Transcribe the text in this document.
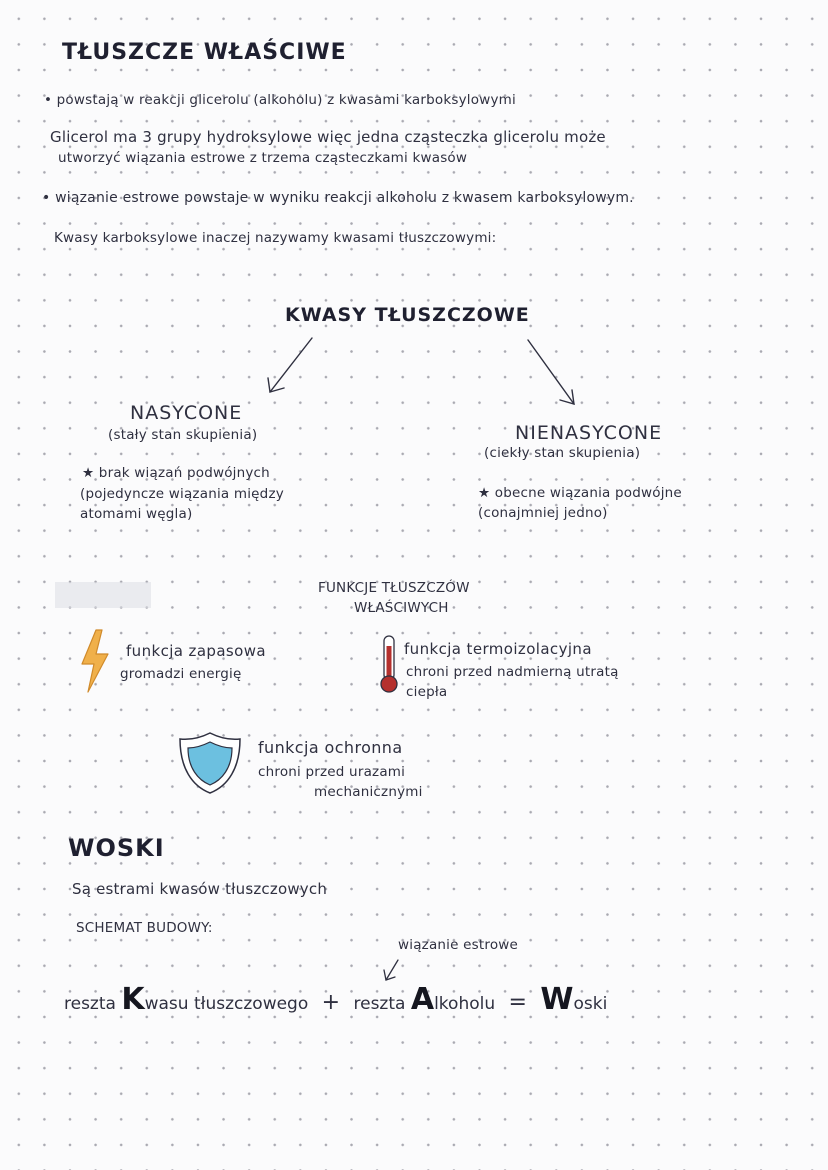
TŁUSZCZE WŁAŚCIWE
• powstają w reakcji glicerolu (alkoholu) z kwasami karboksylowymi
Glicerol ma 3 grupy hydroksylowe więc jedna cząsteczka glicerolu może
utworzyć wiązania estrowe z trzema cząsteczkami kwasów
• wiązanie estrowe powstaje w wyniku reakcji alkoholu z kwasem karboksylowym.
Kwasy karboksylowe inaczej nazywamy kwasami tłuszczowymi:
KWASY TŁUSZCZOWE
NASYCONE
(stały stan skupienia)
★ brak wiązań podwójnych
(pojedyncze wiązania między
atomami węgla)
NIENASYCONE
(ciekły stan skupienia)
★ obecne wiązania podwójne
(conajmniej jedno)
FUNKCJE TŁUSZCZÓW
WŁAŚCIWYCH
funkcja zapasowa
gromadzi energię
funkcja termoizolacyjna
chroni przed nadmierną utratą
ciepła
funkcja ochronna
chroni przed urazami
mechanicznymi
WOSKI
Są estrami kwasów tłuszczowych
SCHEMAT BUDOWY:
wiązanie estrowe
reszta Kwasu tłuszczowego + reszta Alkoholu = Woski
